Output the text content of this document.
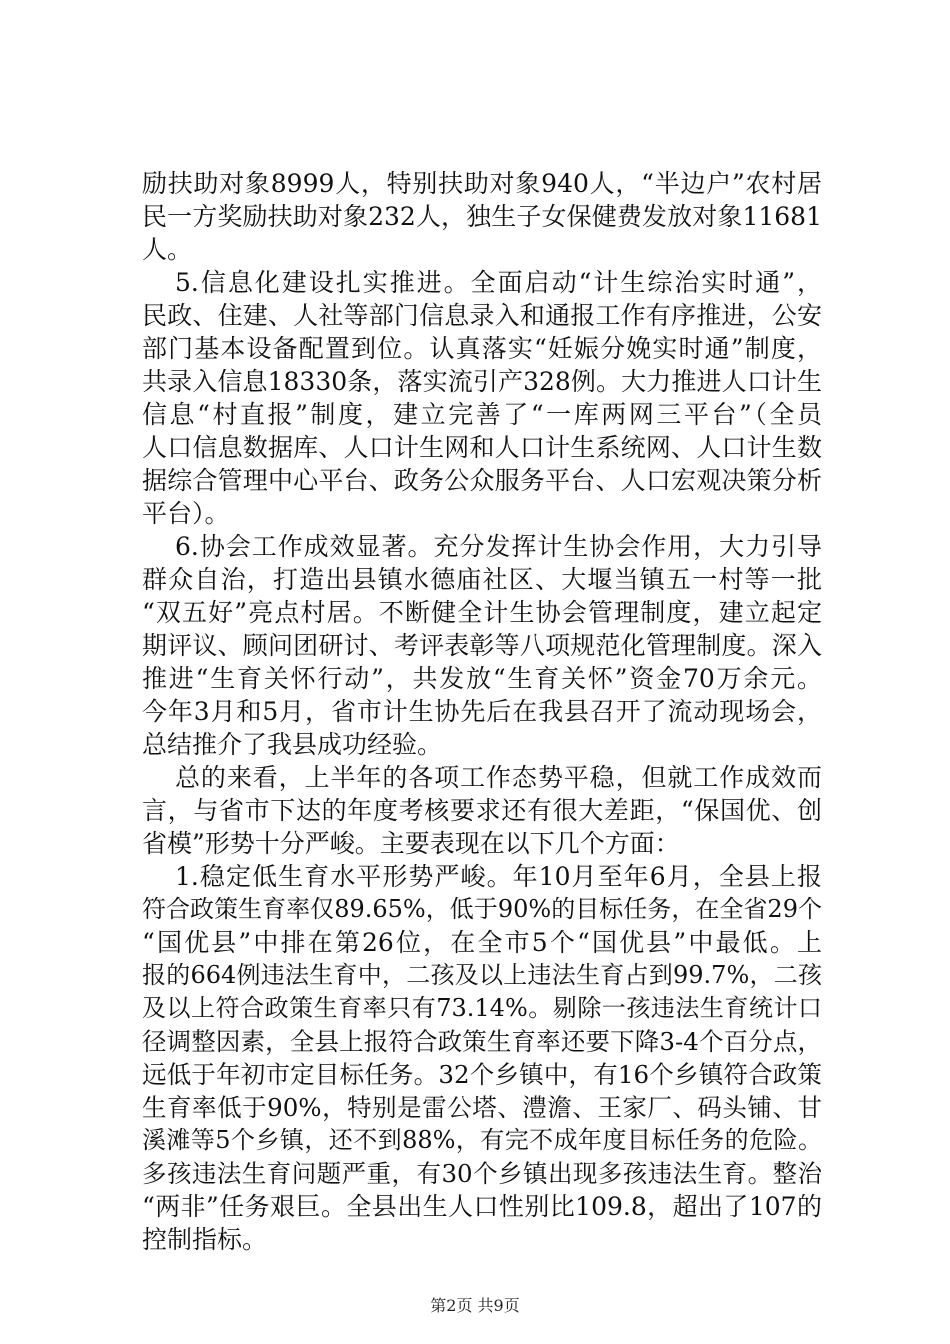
励扶助对象8999人，特别扶助对象940人，“半边户”农村居
民一方奖励扶助对象232人，独生子女保健费发放对象11681
人。
5.信息化建设扎实推进。全面启动“计生综治实时通”，
民政、住建、人社等部门信息录入和通报工作有序推进，公安
部门基本设备配置到位。认真落实“妊娠分娩实时通”制度，
共录入信息18330条，落实流引产328例。大力推进人口计生
信息“村直报”制度，建立完善了“一库两网三平台”（全员
人口信息数据库、人口计生网和人口计生系统网、人口计生数
据综合管理中心平台、政务公众服务平台、人口宏观决策分析
平台）。
6.协会工作成效显著。充分发挥计生协会作用，大力引导
群众自治，打造出县镇水德庙社区、大堰当镇五一村等一批
“双五好”亮点村居。不断健全计生协会管理制度，建立起定
期评议、顾问团研讨、考评表彰等八项规范化管理制度。深入
推进“生育关怀行动”，共发放“生育关怀”资金70万余元。
今年3月和5月，省市计生协先后在我县召开了流动现场会，
总结推介了我县成功经验。
总的来看，上半年的各项工作态势平稳，但就工作成效而
言，与省市下达的年度考核要求还有很大差距，“保国优、创
省模”形势十分严峻。主要表现在以下几个方面：
1.稳定低生育水平形势严峻。年10月至年6月，全县上报
符合政策生育率仅89.65%，低于90%的目标任务，在全省29个
“国优县”中排在第26位，在全市5个“国优县”中最低。上
报的664例违法生育中，二孩及以上违法生育占到99.7%，二孩
及以上符合政策生育率只有73.14%。剔除一孩违法生育统计口
径调整因素，全县上报符合政策生育率还要下降3-4个百分点，
远低于年初市定目标任务。32个乡镇中，有16个乡镇符合政策
生育率低于90%，特别是雷公塔、澧澹、王家厂、码头铺、甘
溪滩等5个乡镇，还不到88%，有完不成年度目标任务的危险。
多孩违法生育问题严重，有30个乡镇出现多孩违法生育。整治
“两非”任务艰巨。全县出生人口性别比109.8，超出了107的
控制指标。
第2页 共9页
